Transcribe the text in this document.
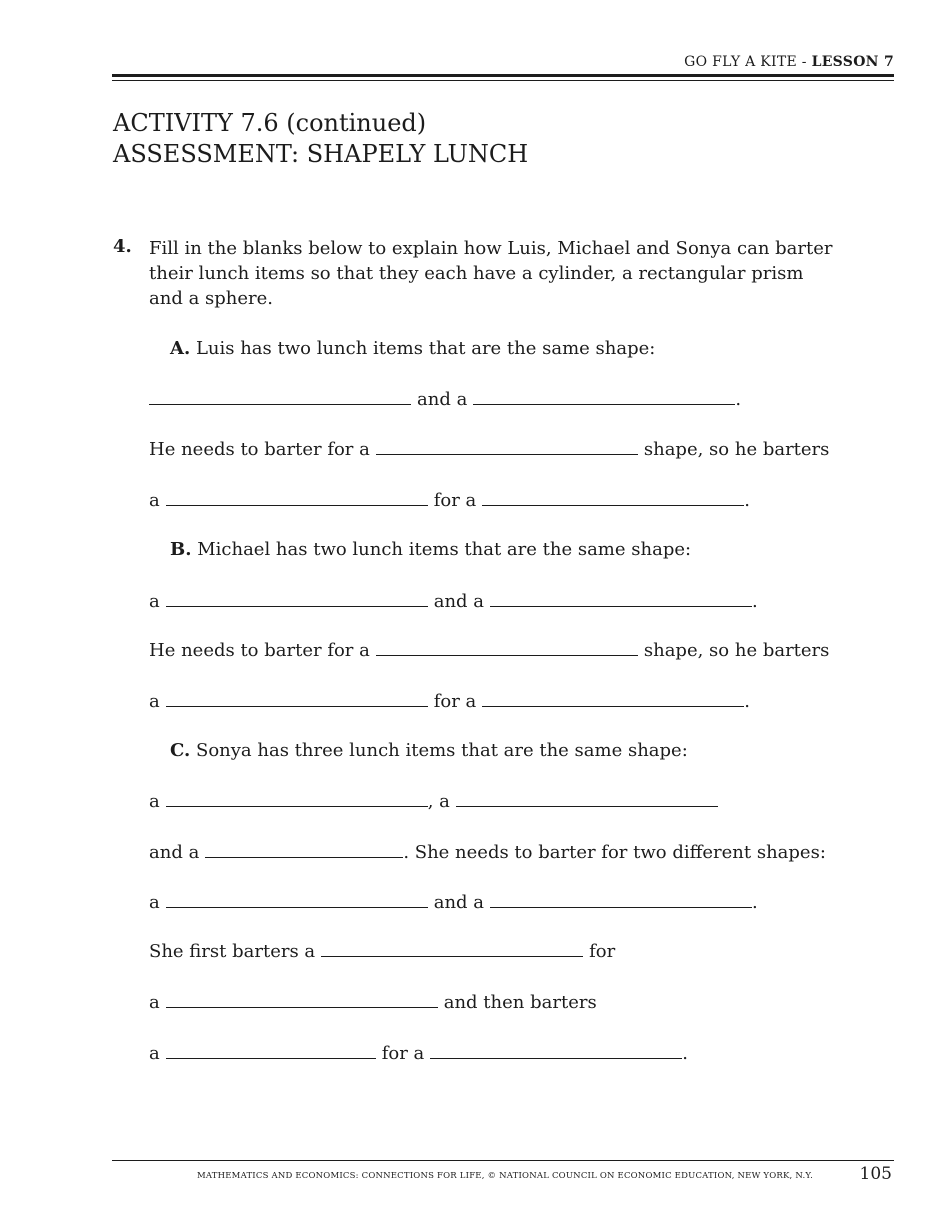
GO FLY A KITE - LESSON 7
ACTIVITY 7.6 (continued)
ASSESSMENT: SHAPELY LUNCH
4. Fill in the blanks below to explain how Luis, Michael and Sonya can barter
their lunch items so that they each have a cylinder, a rectangular prism
and a sphere.
A. Luis has two lunch items that are the same shape:
and a	.
He needs to barter for a	shape, so he barters
a	for a	.
B. Michael has two lunch items that are the same shape:
a	and a	.
He needs to barter for a	shape, so he barters
a	for a	.
C. Sonya has three lunch items that are the same shape:
a	, a
and a	. She needs to barter for two different shapes:
a	and a	.
She first barters a	for
a	and then barters
a	for a	.
MATHEMATICS AND ECONOMICS: CONNECTIONS FOR LIFE, © NATIONAL COUNCIL ON ECONOMIC EDUCATION, NEW YORK, N.Y.	105
